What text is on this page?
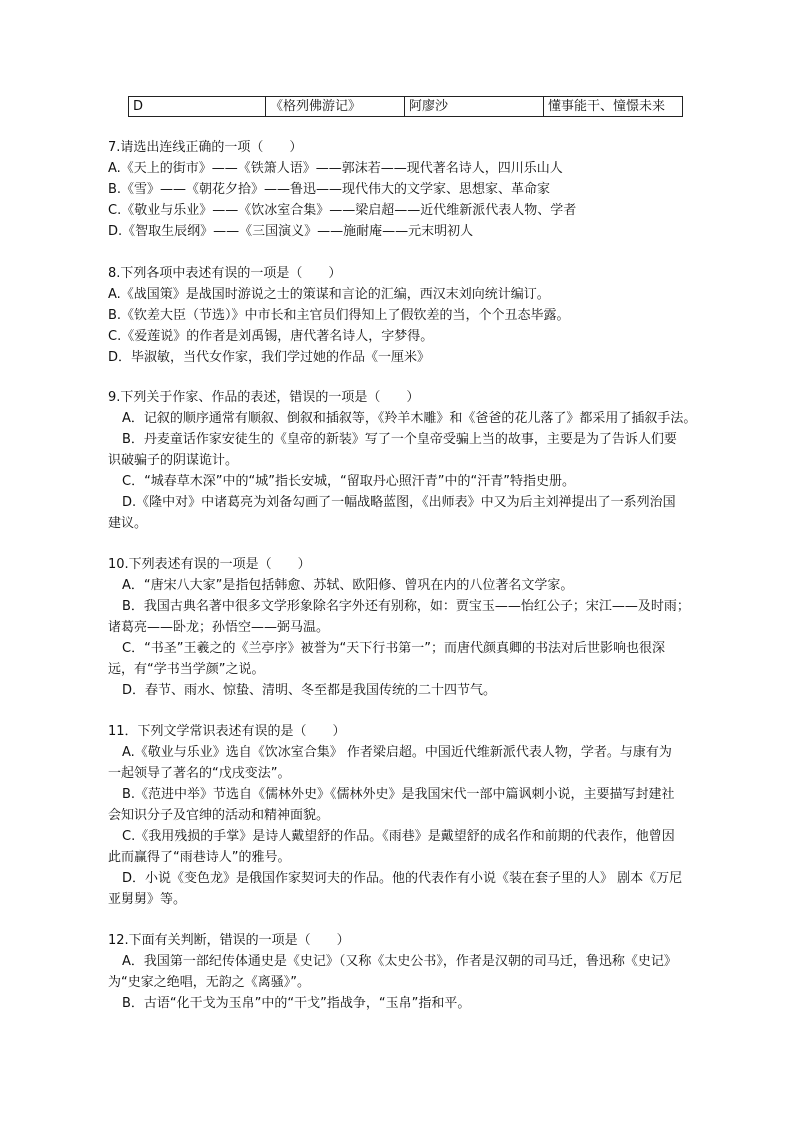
D	《格列佛游记》	阿廖沙	懂事能干、憧憬未来
7.请选出连线正确的一项（　　）
A.《天上的街市》——《铁箫人语》——郭沫若——现代著名诗人，四川乐山人
B.《雪》——《朝花夕拾》——鲁迅——现代伟大的文学家、思想家、革命家
C.《敬业与乐业》——《饮冰室合集》——梁启超——近代维新派代表人物、学者
D.《智取生辰纲》——《三国演义》——施耐庵——元末明初人
8.下列各项中表述有误的一项是（　　）
A.《战国策》是战国时游说之士的策谋和言论的汇编，西汉末刘向统计编订。
B.《钦差大臣（节选）》中市长和主官员们得知上了假钦差的当，个个丑态毕露。
C.《爱莲说》的作者是刘禹锡，唐代著名诗人，字梦得。
D．毕淑敏，当代女作家，我们学过她的作品《一厘米》
9.下列关于作家、作品的表述，错误的一项是（　　）
A．记叙的顺序通常有顺叙、倒叙和插叙等，《羚羊木雕》和《爸爸的花儿落了》都采用了插叙手法。
B．丹麦童话作家安徒生的《皇帝的新装》写了一个皇帝受骗上当的故事，主要是为了告诉人们要
识破骗子的阴谋诡计。
C．“城春草木深”中的“城”指长安城，“留取丹心照汗青”中的“汗青”特指史册。
D.《隆中对》中诸葛亮为刘备勾画了一幅战略蓝图，《出师表》中又为后主刘禅提出了一系列治国
建议。
10.下列表述有误的一项是（　　）
A．“唐宋八大家”是指包括韩愈、苏轼、欧阳修、曾巩在内的八位著名文学家。
B．我国古典名著中很多文学形象除名字外还有别称，如：贾宝玉——怡红公子；宋江——及时雨；
诸葛亮——卧龙；孙悟空——弼马温。
C．“书圣”王羲之的《兰亭序》被誉为“天下行书第一”；而唐代颜真卿的书法对后世影响也很深
远，有“学书当学颜”之说。
D．春节、雨水、惊蛰、清明、冬至都是我国传统的二十四节气。
11．下列文学常识表述有误的是（　　）
A.《敬业与乐业》选自《饮冰室合集》 作者梁启超。中国近代维新派代表人物，学者。与康有为
一起领导了著名的“戊戌变法”。
B.《范进中举》节选自《儒林外史》《儒林外史》是我国宋代一部中篇讽刺小说，主要描写封建社
会知识分子及官绅的活动和精神面貌。
C.《我用残损的手掌》是诗人戴望舒的作品。《雨巷》是戴望舒的成名作和前期的代表作，他曾因
此而赢得了“雨巷诗人”的雅号。
D．小说《变色龙》是俄国作家契诃夫的作品。他的代表作有小说《装在套子里的人》 剧本《万尼
亚舅舅》等。
12.下面有关判断，错误的一项是（　　）
A．我国第一部纪传体通史是《史记》（又称《太史公书》，作者是汉朝的司马迁，鲁迅称《史记》
为“史家之绝唱，无韵之《离骚》”。
B．古语“化干戈为玉帛”中的“干戈”指战争，“玉帛”指和平。
